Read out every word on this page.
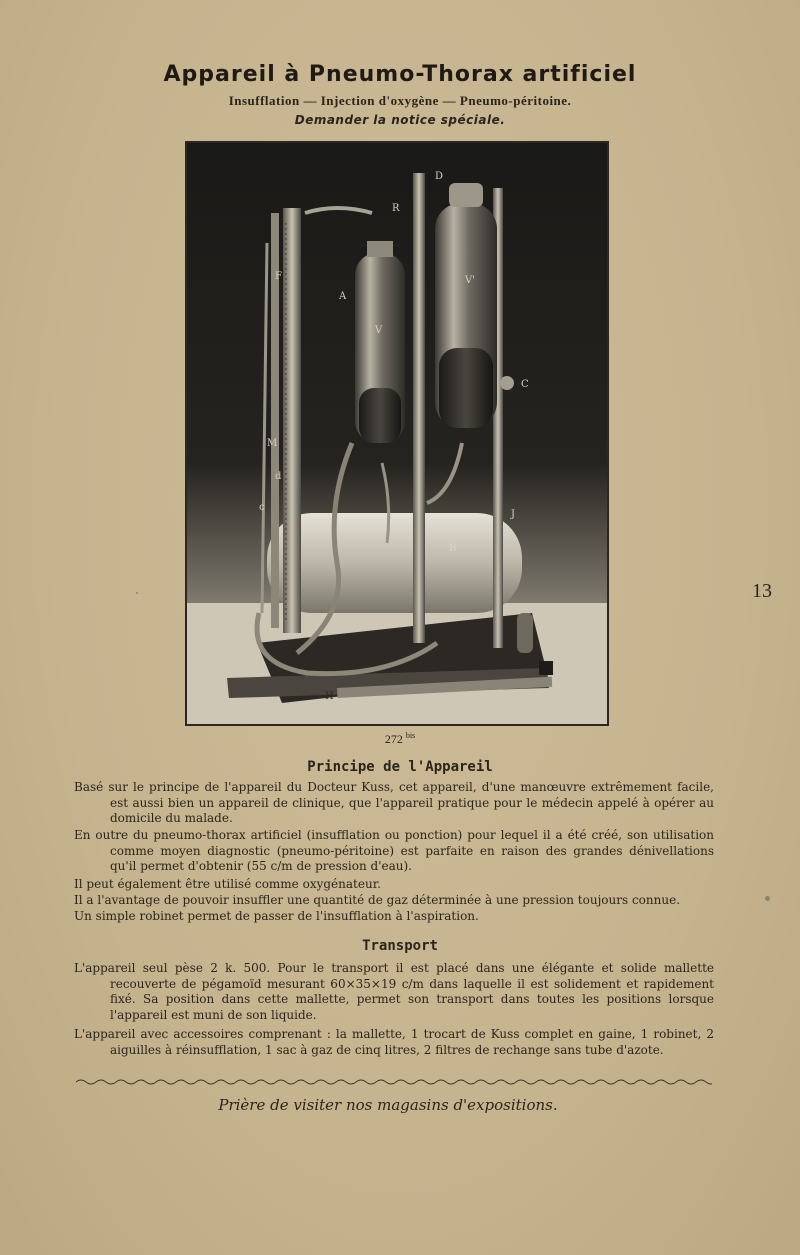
Appareil à Pneumo-Thorax artificiel
Insufflation — Injection d'oxygène — Pneumo-péritoine.
Demander la notice spéciale.
D
R
V'
F
A
V
C
M
d
c
J
B
H
272 $^{bis}$
13
Principe de l'Appareil
Basé sur le principe de l'appareil du Docteur Kuss, cet appareil, d'une manœuvre extrêmement facile, est aussi bien un appareil de clinique, que l'appareil pratique pour le médecin appelé à opérer au domicile du malade.
En outre du pneumo-thorax artificiel (insufflation ou ponction) pour lequel il a été créé, son utilisation comme moyen diagnostic (pneumo-péritoine) est parfaite en raison des grandes dénivellations qu'il permet d'obtenir (55 c/m de pression d'eau).
Il peut également être utilisé comme oxygénateur.
Il a l'avantage de pouvoir insuffler une quantité de gaz déterminée à une pression toujours connue.
Un simple robinet permet de passer de l'insufflation à l'aspiration.
Transport
L'appareil seul pèse 2 k. 500. Pour le transport il est placé dans une élégante et solide mallette recouverte de pégamoïd mesurant 60×35×19 c/m dans laquelle il est solidement et rapidement fixé. Sa position dans cette mallette, permet son transport dans toutes les positions lorsque l'appareil est muni de son liquide.
L'appareil avec accessoires comprenant : la mallette, 1 trocart de Kuss complet en gaine, 1 robinet, 2 aiguilles à réinsufflation, 1 sac à gaz de cinq litres, 2 filtres de rechange sans tube d'azote.
Prière de visiter nos magasins d'expositions.
